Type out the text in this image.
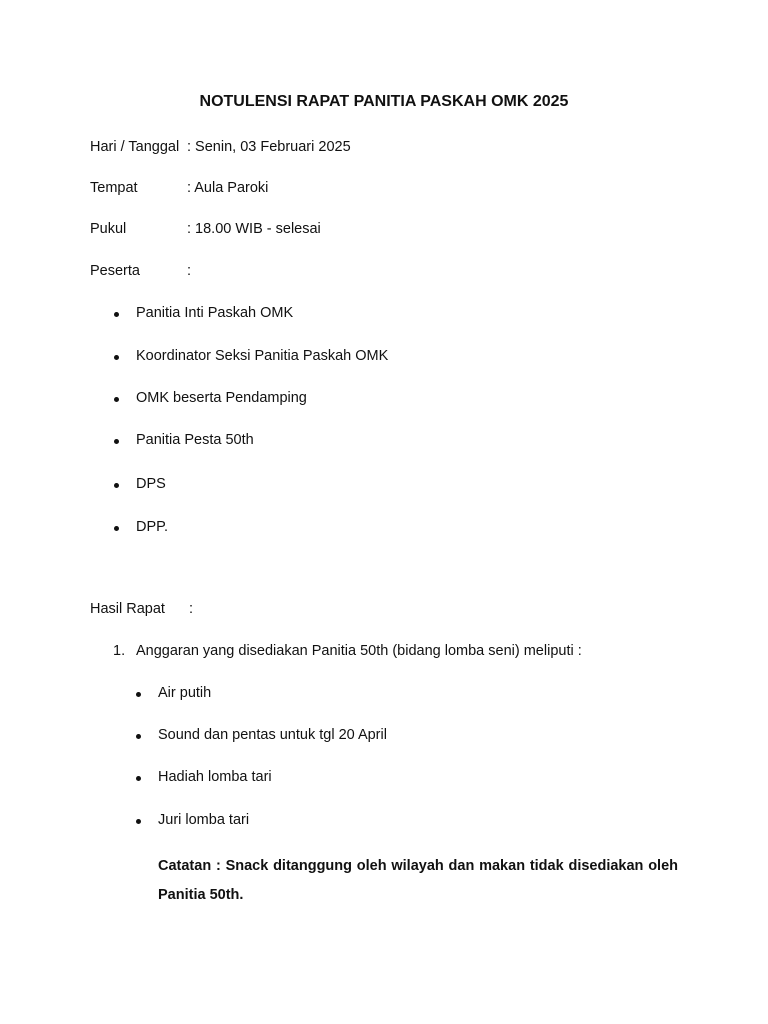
NOTULENSI RAPAT PANITIA PASKAH OMK 2025
Hari / Tanggal : Senin, 03 Februari 2025
Tempat	: Aula Paroki
Pukul	: 18.00 WIB - selesai
Peserta	:
Panitia Inti Paskah OMK
Koordinator Seksi Panitia Paskah OMK
OMK beserta Pendamping
Panitia Pesta 50th
DPS
DPP.
Hasil Rapat :
1. Anggaran yang disediakan Panitia 50th (bidang lomba seni) meliputi :
Air putih
Sound dan pentas untuk tgl 20 April
Hadiah lomba tari
Juri lomba tari
Catatan : Snack ditanggung oleh wilayah dan makan tidak disediakan oleh Panitia 50th.
